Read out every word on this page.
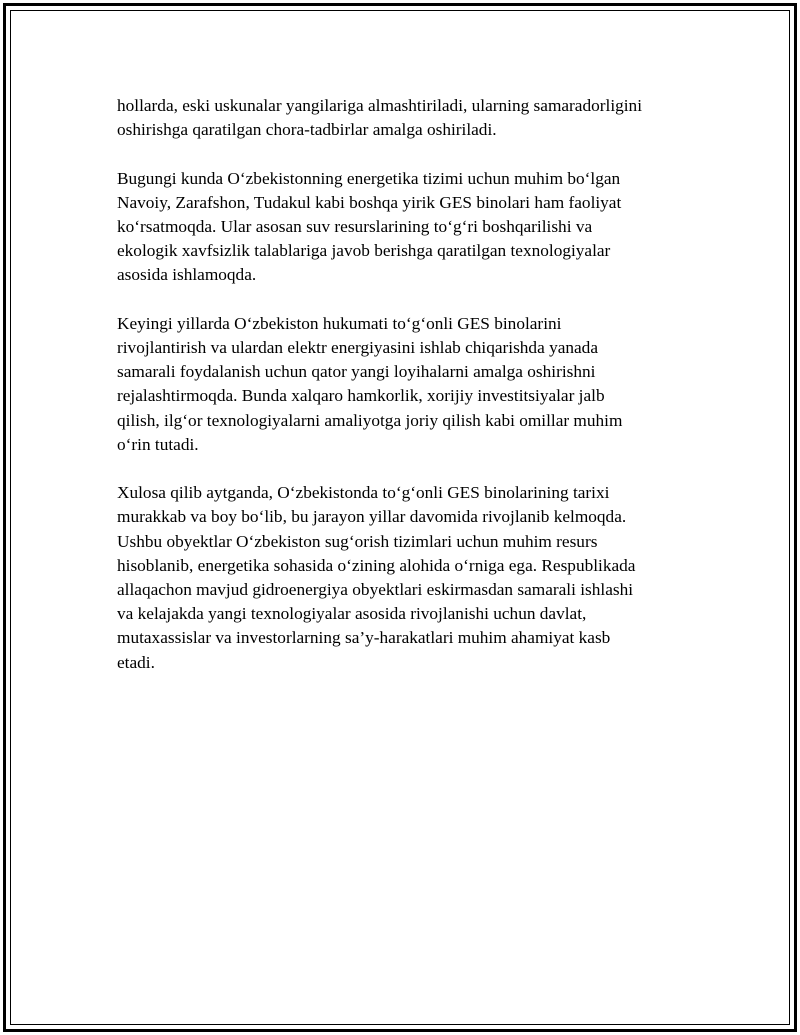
hollarda, eski uskunalar yangilariga almashtiriladi, ularning samaradorligini
oshirishga qaratilgan chora-tadbirlar amalga oshiriladi.

Bugungi kunda O‘zbekistonning energetika tizimi uchun muhim bo‘lgan
Navoiy, Zarafshon, Tudakul kabi boshqa yirik GES binolari ham faoliyat
ko‘rsatmoqda. Ular asosan suv resurslarining to‘g‘ri boshqarilishi va
ekologik xavfsizlik talablariga javob berishga qaratilgan texnologiyalar
asosida ishlamoqda.

Keyingi yillarda O‘zbekiston hukumati to‘g‘onli GES binolarini
rivojlantirish va ulardan elektr energiyasini ishlab chiqarishda yanada
samarali foydalanish uchun qator yangi loyihalarni amalga oshirishni
rejalashtirmoqda. Bunda xalqaro hamkorlik, xorijiy investitsiyalar jalb
qilish, ilg‘or texnologiyalarni amaliyotga joriy qilish kabi omillar muhim
o‘rin tutadi.

Xulosa qilib aytganda, O‘zbekistonda to‘g‘onli GES binolarining tarixi
murakkab va boy bo‘lib, bu jarayon yillar davomida rivojlanib kelmoqda.
Ushbu obyektlar O‘zbekiston sug‘orish tizimlari uchun muhim resurs
hisoblanib, energetika sohasida o‘zining alohida o‘rniga ega. Respublikada
allaqachon mavjud gidroenergiya obyektlari eskirmasdan samarali ishlashi
va kelajakda yangi texnologiyalar asosida rivojlanishi uchun davlat,
mutaxassislar va investorlarning sa’y-harakatlari muhim ahamiyat kasb
etadi.
